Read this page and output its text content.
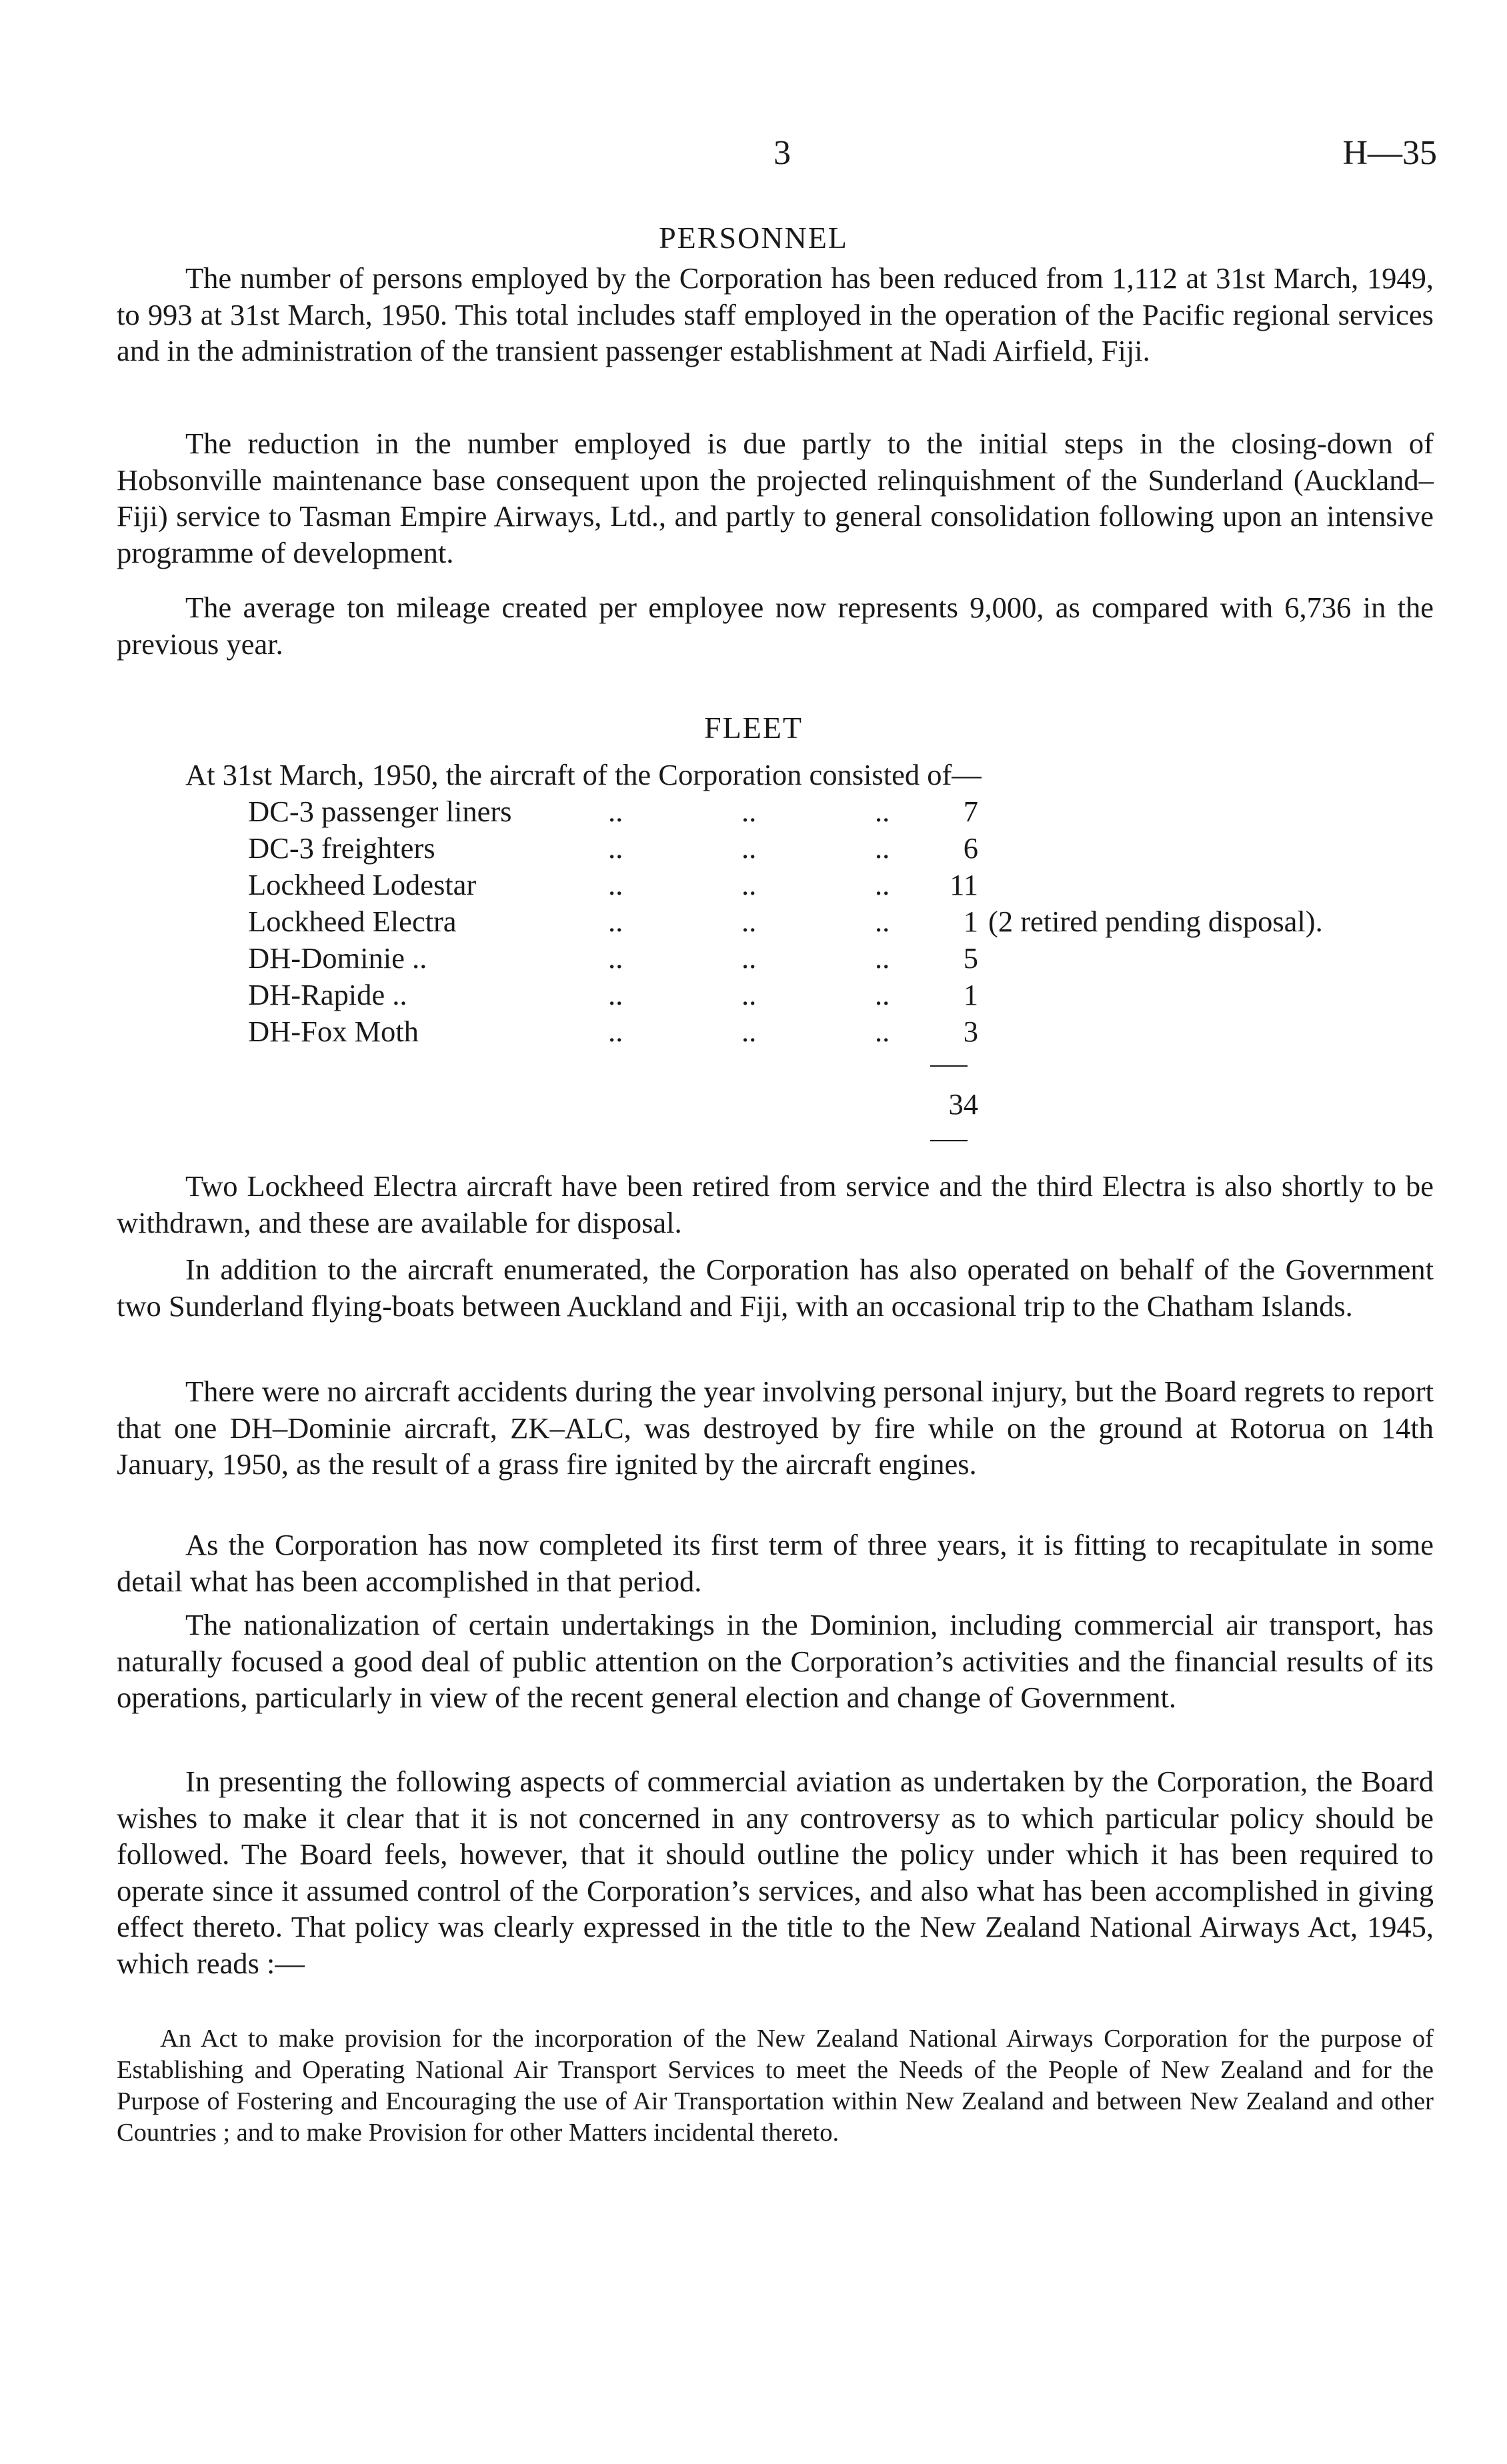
3	H—35
PERSONNEL

The number of persons employed by the Corporation has been reduced from 1,112 at 31st March, 1949, to 993 at 31st March, 1950. This total includes staff employed in the operation of the Pacific regional services and in the administration of the transient passenger establishment at Nadi Airfield, Fiji.

The reduction in the number employed is due partly to the initial steps in the closing-down of Hobsonville maintenance base consequent upon the projected relinquishment of the Sunderland (Auckland–Fiji) service to Tasman Empire Airways, Ltd., and partly to general consolidation following upon an intensive programme of development.

The average ton mileage created per employee now represents 9,000, as compared with 6,736 in the previous year.

FLEET
At 31st March, 1950, the aircraft of the Corporation consisted of—
DC-3 passenger liners	..	..	..	7
DC-3 freighters	..	..	..	6
Lockheed Lodestar	..	..	..	11
Lockheed Electra	..	..	..	1 (2 retired pending disposal).
DH-Dominie ..	..	..	..	5
DH-Rapide ..	..	..	..	1
DH-Fox Moth	..	..	..	3
34

Two Lockheed Electra aircraft have been retired from service and the third Electra is also shortly to be withdrawn, and these are available for disposal.

In addition to the aircraft enumerated, the Corporation has also operated on behalf of the Government two Sunderland flying-boats between Auckland and Fiji, with an occasional trip to the Chatham Islands.

There were no aircraft accidents during the year involving personal injury, but the Board regrets to report that one DH–Dominie aircraft, ZK–ALC, was destroyed by fire while on the ground at Rotorua on 14th January, 1950, as the result of a grass fire ignited by the aircraft engines.

As the Corporation has now completed its first term of three years, it is fitting to recapitulate in some detail what has been accomplished in that period.

The nationalization of certain undertakings in the Dominion, including commercial air transport, has naturally focused a good deal of public attention on the Corporation’s activities and the financial results of its operations, particularly in view of the recent general election and change of Government.

In presenting the following aspects of commercial aviation as undertaken by the Corporation, the Board wishes to make it clear that it is not concerned in any controversy as to which particular policy should be followed. The Board feels, however, that it should outline the policy under which it has been required to operate since it assumed control of the Corporation’s services, and also what has been accomplished in giving effect thereto. That policy was clearly expressed in the title to the New Zealand National Airways Act, 1945, which reads :—

An Act to make provision for the incorporation of the New Zealand National Airways Corporation for the purpose of Establishing and Operating National Air Transport Services to meet the Needs of the People of New Zealand and for the Purpose of Fostering and Encouraging the use of Air Transportation within New Zealand and between New Zealand and other Countries ; and to make Provision for other Matters incidental thereto.
